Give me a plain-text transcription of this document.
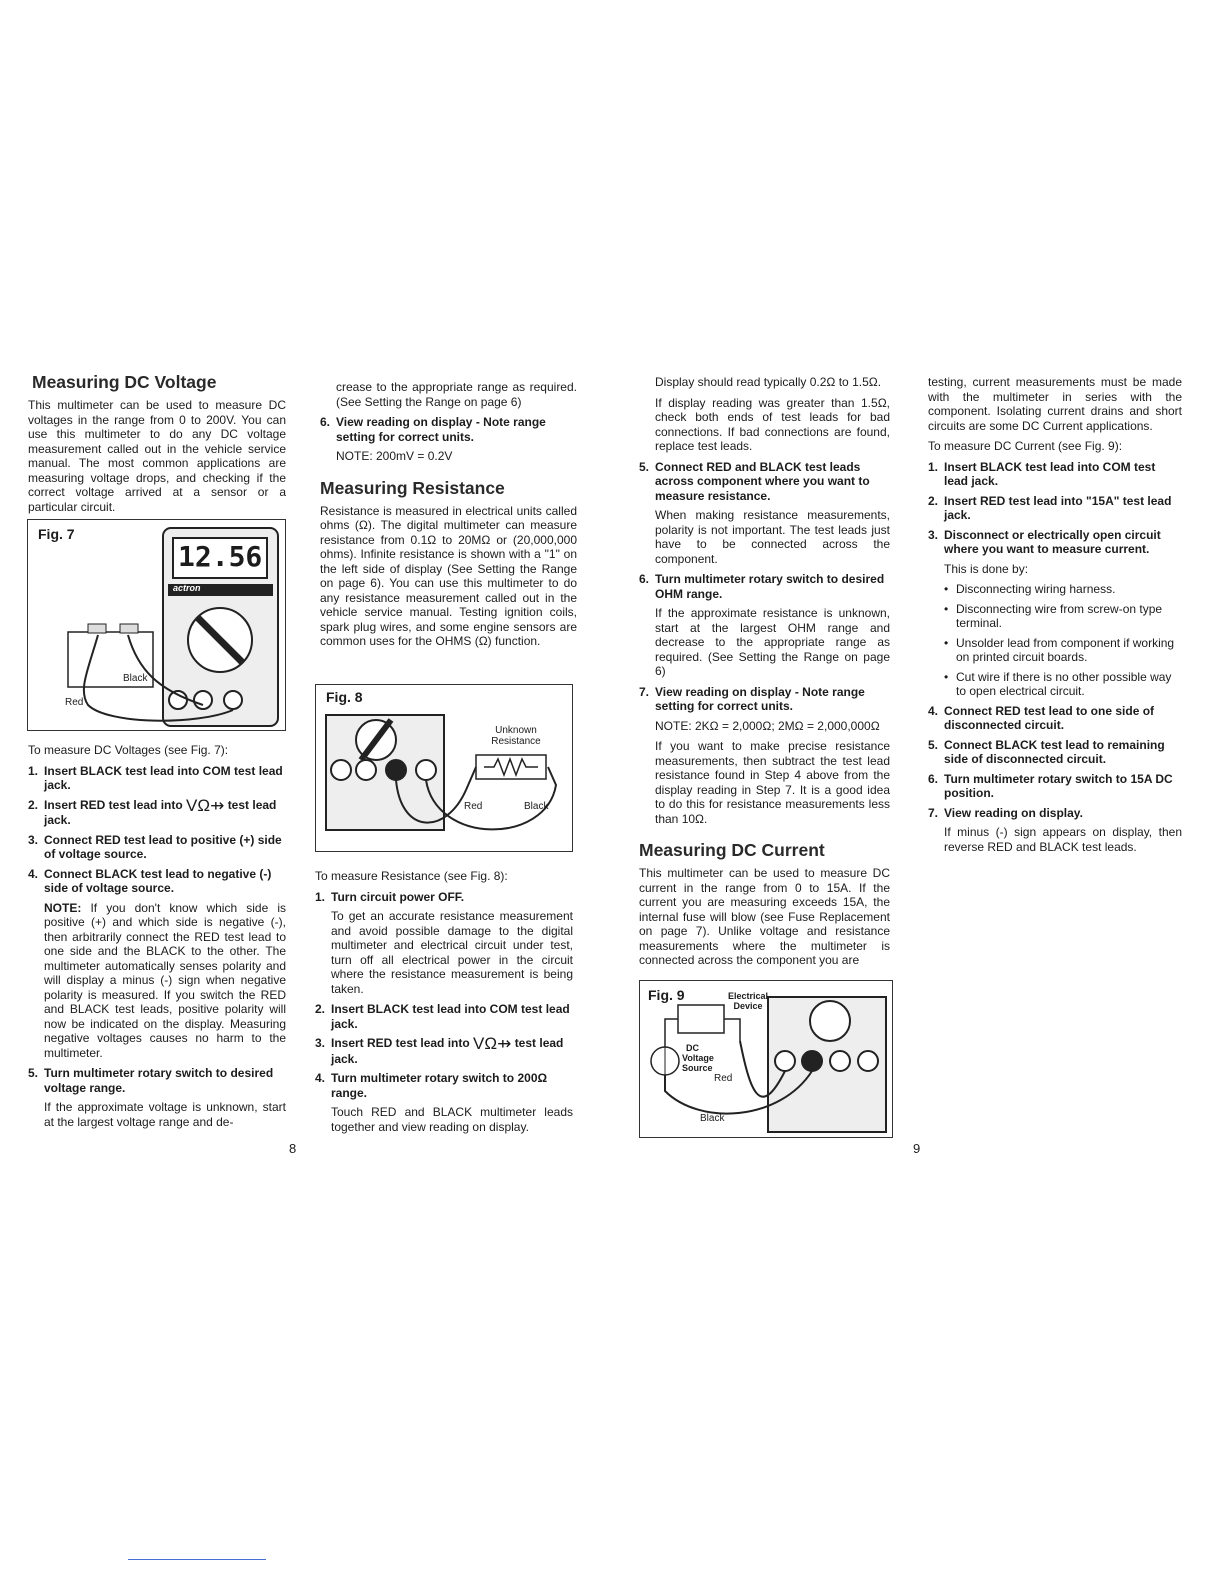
Measuring DC Voltage

This multimeter can be used to measure DC voltages in the range from 0 to 200V. You can use this multimeter to do any DC voltage measurement called out in the vehicle service manual. The most common applications are measuring voltage drops, and checking if the correct voltage arrived at a sensor or a particular circuit.

Fig. 7
12.56
actron
Black
Red

To measure DC Voltages (see Fig. 7):

1. Insert BLACK test lead into COM test lead jack.
2. Insert RED test lead into VΩ⇸ test lead jack.
3. Connect RED test lead to positive (+) side of voltage source.
4. Connect BLACK test lead to negative (-) side of voltage source.

NOTE: If you don't know which side is positive (+) and which side is negative (-), then arbitrarily connect the RED test lead to one side and the BLACK to the other. The multimeter automatically senses polarity and will display a minus (-) sign when negative polarity is measured. If you switch the RED and BLACK test leads, positive polarity will now be indicated on the display. Measuring negative voltages causes no harm to the multimeter.

5. Turn multimeter rotary switch to desired voltage range.

If the approximate voltage is unknown, start at the largest voltage range and de-

crease to the appropriate range as required. (See Setting the Range on page 6)

6. View reading on display - Note range setting for correct units.

NOTE: 200mV = 0.2V

Measuring Resistance

Resistance is measured in electrical units called ohms (Ω). The digital multimeter can measure resistance from 0.1Ω to 20MΩ or (20,000,000 ohms). Infinite resistance is shown with a "1" on the left side of display (See Setting the Range on page 6). You can use this multimeter to do any resistance measurement called out in the vehicle service manual. Testing ignition coils, spark plug wires, and some engine sensors are common uses for the OHMS (Ω) function.

Fig. 8
Unknown Resistance
Red	Black

To measure Resistance (see Fig. 8):

1. Turn circuit power OFF.

To get an accurate resistance measurement and avoid possible damage to the digital multimeter and electrical circuit under test, turn off all electrical power in the circuit where the resistance measurement is being taken.

2. Insert BLACK test lead into COM test lead jack.
3. Insert RED test lead into VΩ⇸ test lead jack.
4. Turn multimeter rotary switch to 200Ω range.

Touch RED and BLACK multimeter leads together and view reading on display.

8

Display should read typically 0.2Ω to 1.5Ω.

If display reading was greater than 1.5Ω, check both ends of test leads for bad connections. If bad connections are found, replace test leads.

5. Connect RED and BLACK test leads across component where you want to measure resistance.

When making resistance measurements, polarity is not important. The test leads just have to be connected across the component.

6. Turn multimeter rotary switch to desired OHM range.

If the approximate resistance is unknown, start at the largest OHM range and decrease to the appropriate range as required. (See Setting the Range on page 6)

7. View reading on display - Note range setting for correct units.

NOTE: 2KΩ = 2,000Ω; 2MΩ = 2,000,000Ω

If you want to make precise resistance measurements, then subtract the test lead resistance found in Step 4 above from the display reading in Step 7. It is a good idea to do this for resistance measurements less than 10Ω.

Measuring DC Current

This multimeter can be used to measure DC current in the range from 0 to 15A. If the current you are measuring exceeds 15A, the internal fuse will blow (see Fuse Replacement on page 7). Unlike voltage and resistance measurements where the multimeter is connected across the component you are

Fig. 9	Electrical Device
DC
Voltage
Source
Red
Black

testing, current measurements must be made with the multimeter in series with the component. Isolating current drains and short circuits are some DC Current applications.

To measure DC Current (see Fig. 9):

1. Insert BLACK test lead into COM test lead jack.
2. Insert RED test lead into "15A" test lead jack.
3. Disconnect or electrically open circuit where you want to measure current.

This is done by:

• Disconnecting wiring harness.
• Disconnecting wire from screw-on type terminal.
• Unsolder lead from component if working on printed circuit boards.
• Cut wire if there is no other possible way to open electrical circuit.
4. Connect RED test lead to one side of disconnected circuit.
5. Connect BLACK test lead to remaining side of disconnected circuit.
6. Turn multimeter rotary switch to 15A DC position.
7. View reading on display.

If minus (-) sign appears on display, then reverse RED and BLACK test leads.

9
